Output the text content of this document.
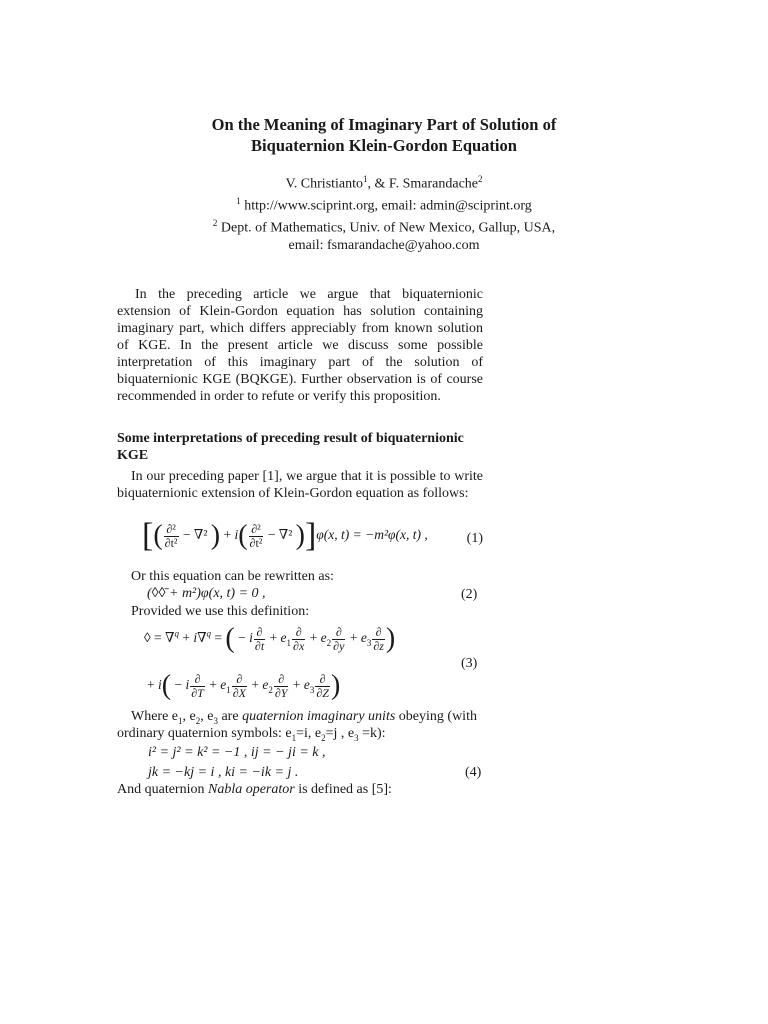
On the Meaning of Imaginary Part of Solution of
Biquaternion Klein-Gordon Equation
V. Christianto$^1$, & F. Smarandache$^2$
$^1$ http://www.sciprint.org, email: admin@sciprint.org
$^2$ Dept. of Mathematics, Univ. of New Mexico, Gallup, USA,
email: fsmarandache@yahoo.com
In the preceding article we argue that biquaternionic extension of Klein-Gordon equation has solution containing imaginary part, which differs appreciably from known solution of KGE. In the present article we discuss some possible interpretation of this imaginary part of the solution of biquaternionic KGE (BQKGE). Further observation is of course recommended in order to refute or verify this proposition.
Some interpretations of preceding result of biquaternionic KGE
In our preceding paper [1], we argue that it is possible to write biquaternionic extension of Klein-Gordon equation as follows:
[( $\frac{\text{∂²}}{\text{∂t²}} - \nabla^2$ ) + $i( \frac{\text{∂²}}{\text{∂t²}} - \nabla^2$ )]φ(x, t) = −m²φ(x, t) ,	(1)
Or this equation can be rewritten as:
(◊◊̄ + m²)φ(x, t) = 0 ,	(2)
Provided we use this definition:
◊ = ∇$^q$ + i∇$^q$ = ( − i $\frac{\partial}{\partial t} + e_1 \frac{\partial}{\partial x} + e_2 \frac{\partial}{\partial y} + e_3 \frac{\partial}{\partial z}$ )
(3)
+ i( − i $\frac{\partial}{\partial T} + e_1 \frac{\partial}{\partial X} + e_2 \frac{\partial}{\partial Y} + e_3 \frac{\partial}{\partial Z}$ )
Where $e_1$, $e_2$, $e_3$ are quaternion imaginary units obeying (with
ordinary quaternion symbols: $e_1=i$, $e_2=j$ , $e_3 =k$):
i² = j² = k² = −1 , ij = − ji = k ,
jk = −kj = i , ki = −ik = j .	(4)
And quaternion Nabla operator is defined as [5]:
